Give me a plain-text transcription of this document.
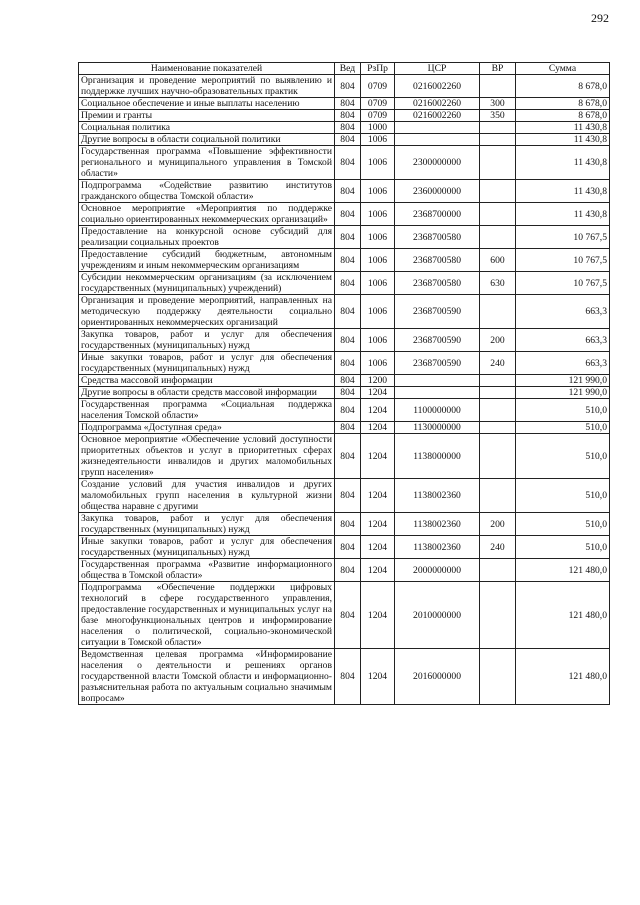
292
Наименование показателей	Вед	РзПр	ЦСР	ВР	Сумма
Организация и проведение мероприятий по выявлению и поддержке лучших научно-образовательных практик	804	0709	0216002260		8 678,0
Социальное обеспечение и иные выплаты населению	804	0709	0216002260	300	8 678,0
Премии и гранты	804	0709	0216002260	350	8 678,0
Социальная политика	804	1000			11 430,8
Другие вопросы в области социальной политики	804	1006			11 430,8
Государственная программа «Повышение эффективности регионального и муниципального управления в Томской области»	804	1006	2300000000		11 430,8
Подпрограмма «Содействие развитию институтов гражданского общества Томской области»	804	1006	2360000000		11 430,8
Основное мероприятие «Мероприятия по поддержке социально ориентированных некоммерческих организаций»	804	1006	2368700000		11 430,8
Предоставление на конкурсной основе субсидий для реализации социальных проектов	804	1006	2368700580		10 767,5
Предоставление субсидий бюджетным, автономным учреждениям и иным некоммерческим организациям	804	1006	2368700580	600	10 767,5
Субсидии некоммерческим организациям (за исключением государственных (муниципальных) учреждений)	804	1006	2368700580	630	10 767,5
Организация и проведение мероприятий, направленных на методическую поддержку деятельности социально ориентированных некоммерческих организаций	804	1006	2368700590		663,3
Закупка товаров, работ и услуг для обеспечения государственных (муниципальных) нужд	804	1006	2368700590	200	663,3
Иные закупки товаров, работ и услуг для обеспечения государственных (муниципальных) нужд	804	1006	2368700590	240	663,3
Средства массовой информации	804	1200			121 990,0
Другие вопросы в области средств массовой информации	804	1204			121 990,0
Государственная программа «Социальная поддержка населения Томской области»	804	1204	1100000000		510,0
Подпрограмма «Доступная среда»	804	1204	1130000000		510,0
Основное мероприятие «Обеспечение условий доступности приоритетных объектов и услуг в приоритетных сферах жизнедеятельности инвалидов и других маломобильных групп населения»	804	1204	1138000000		510,0
Создание условий для участия инвалидов и других маломобильных групп населения в культурной жизни общества наравне с другими	804	1204	1138002360		510,0
Закупка товаров, работ и услуг для обеспечения государственных (муниципальных) нужд	804	1204	1138002360	200	510,0
Иные закупки товаров, работ и услуг для обеспечения государственных (муниципальных) нужд	804	1204	1138002360	240	510,0
Государственная программа «Развитие информационного общества в Томской области»	804	1204	2000000000		121 480,0
Подпрограмма «Обеспечение поддержки цифровых технологий в сфере государственного управления, предоставление государственных и муниципальных услуг на базе многофункциональных центров и информирование населения о политической, социально-экономической ситуации в Томской области»	804	1204	2010000000		121 480,0
Ведомственная целевая программа «Информирование населения о деятельности и решениях органов государственной власти Томской области и информационно-разъяснительная работа по актуальным социально значимым вопросам»	804	1204	2016000000		121 480,0
